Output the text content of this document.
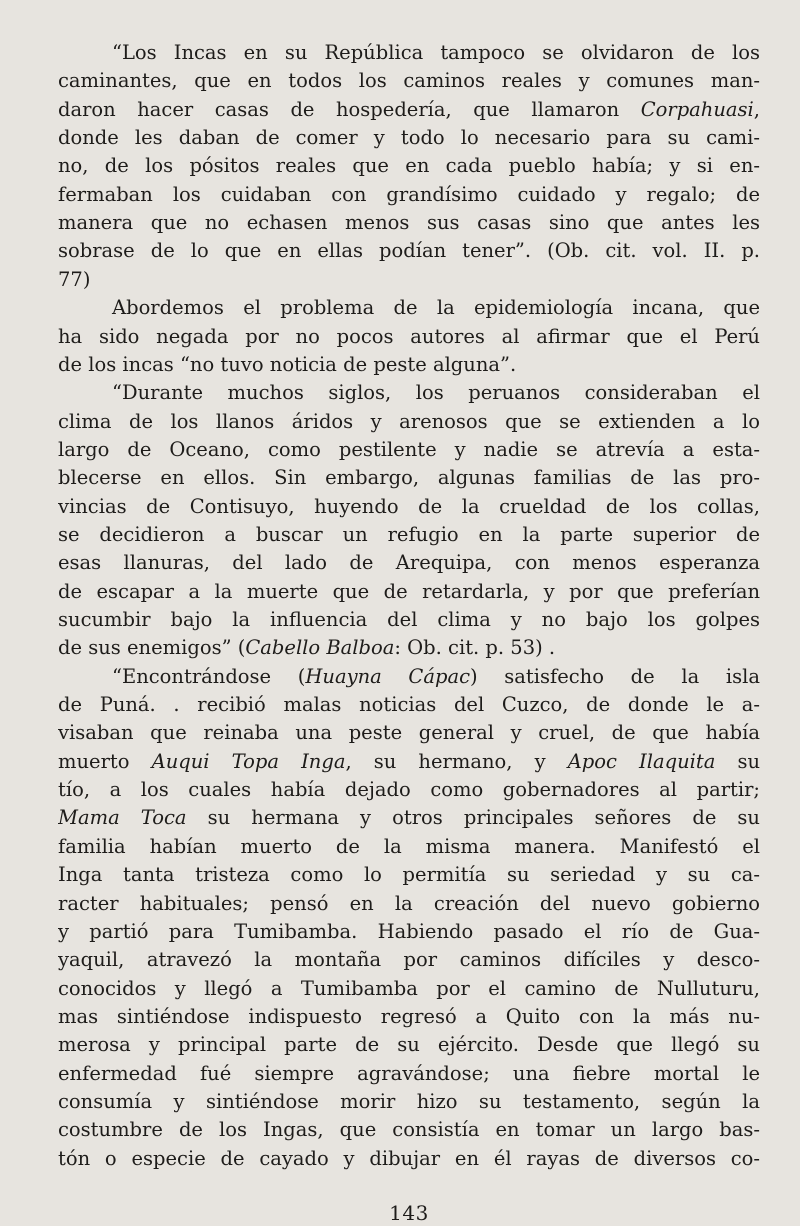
“Los Incas en su República tampoco se olvidaron de los
caminantes, que en todos los caminos reales y comunes man-
daron hacer casas de hospedería, que llamaron Corpahuasi,
donde les daban de comer y todo lo necesario para su cami-
no, de los pósitos reales que en cada pueblo había; y si en-
fermaban los cuidaban con grandísimo cuidado y regalo; de
manera que no echasen menos sus casas sino que antes les
sobrase de lo que en ellas podían tener”. (Ob. cit. vol. II. p.
77)
Abordemos el problema de la epidemiología incana, que
ha sido negada por no pocos autores al afirmar que el Perú
de los incas “no tuvo noticia de peste alguna”.
“Durante muchos siglos, los peruanos consideraban el
clima de los llanos áridos y arenosos que se extienden a lo
largo de Oceano, como pestilente y nadie se atrevía a esta-
blecerse en ellos. Sin embargo, algunas familias de las pro-
vincias de Contisuyo, huyendo de la crueldad de los collas,
se decidieron a buscar un refugio en la parte superior de
esas llanuras, del lado de Arequipa, con menos esperanza
de escapar a la muerte que de retardarla, y por que preferían
sucumbir bajo la influencia del clima y no bajo los golpes
de sus enemigos” (Cabello Balboa: Ob. cit. p. 53) .
“Encontrándose (Huayna Cápac) satisfecho de la isla
de Puná. . recibió malas noticias del Cuzco, de donde le a-
visaban que reinaba una peste general y cruel, de que había
muerto Auqui Topa Inga, su hermano, y Apoc Ilaquita su
tío, a los cuales había dejado como gobernadores al partir;
Mama Toca su hermana y otros principales señores de su
familia habían muerto de la misma manera. Manifestó el
Inga tanta tristeza como lo permitía su seriedad y su ca-
racter habituales; pensó en la creación del nuevo gobierno
y partió para Tumibamba. Habiendo pasado el río de Gua-
yaquil, atravezó la montaña por caminos difíciles y desco-
conocidos y llegó a Tumibamba por el camino de Nulluturu,
mas sintiéndose indispuesto regresó a Quito con la más nu-
merosa y principal parte de su ejército. Desde que llegó su
enfermedad fué siempre agravándose; una fiebre mortal le
consumía y sintiéndose morir hizo su testamento, según la
costumbre de los Ingas, que consistía en tomar un largo bas-
tón o especie de cayado y dibujar en él rayas de diversos co-
143
